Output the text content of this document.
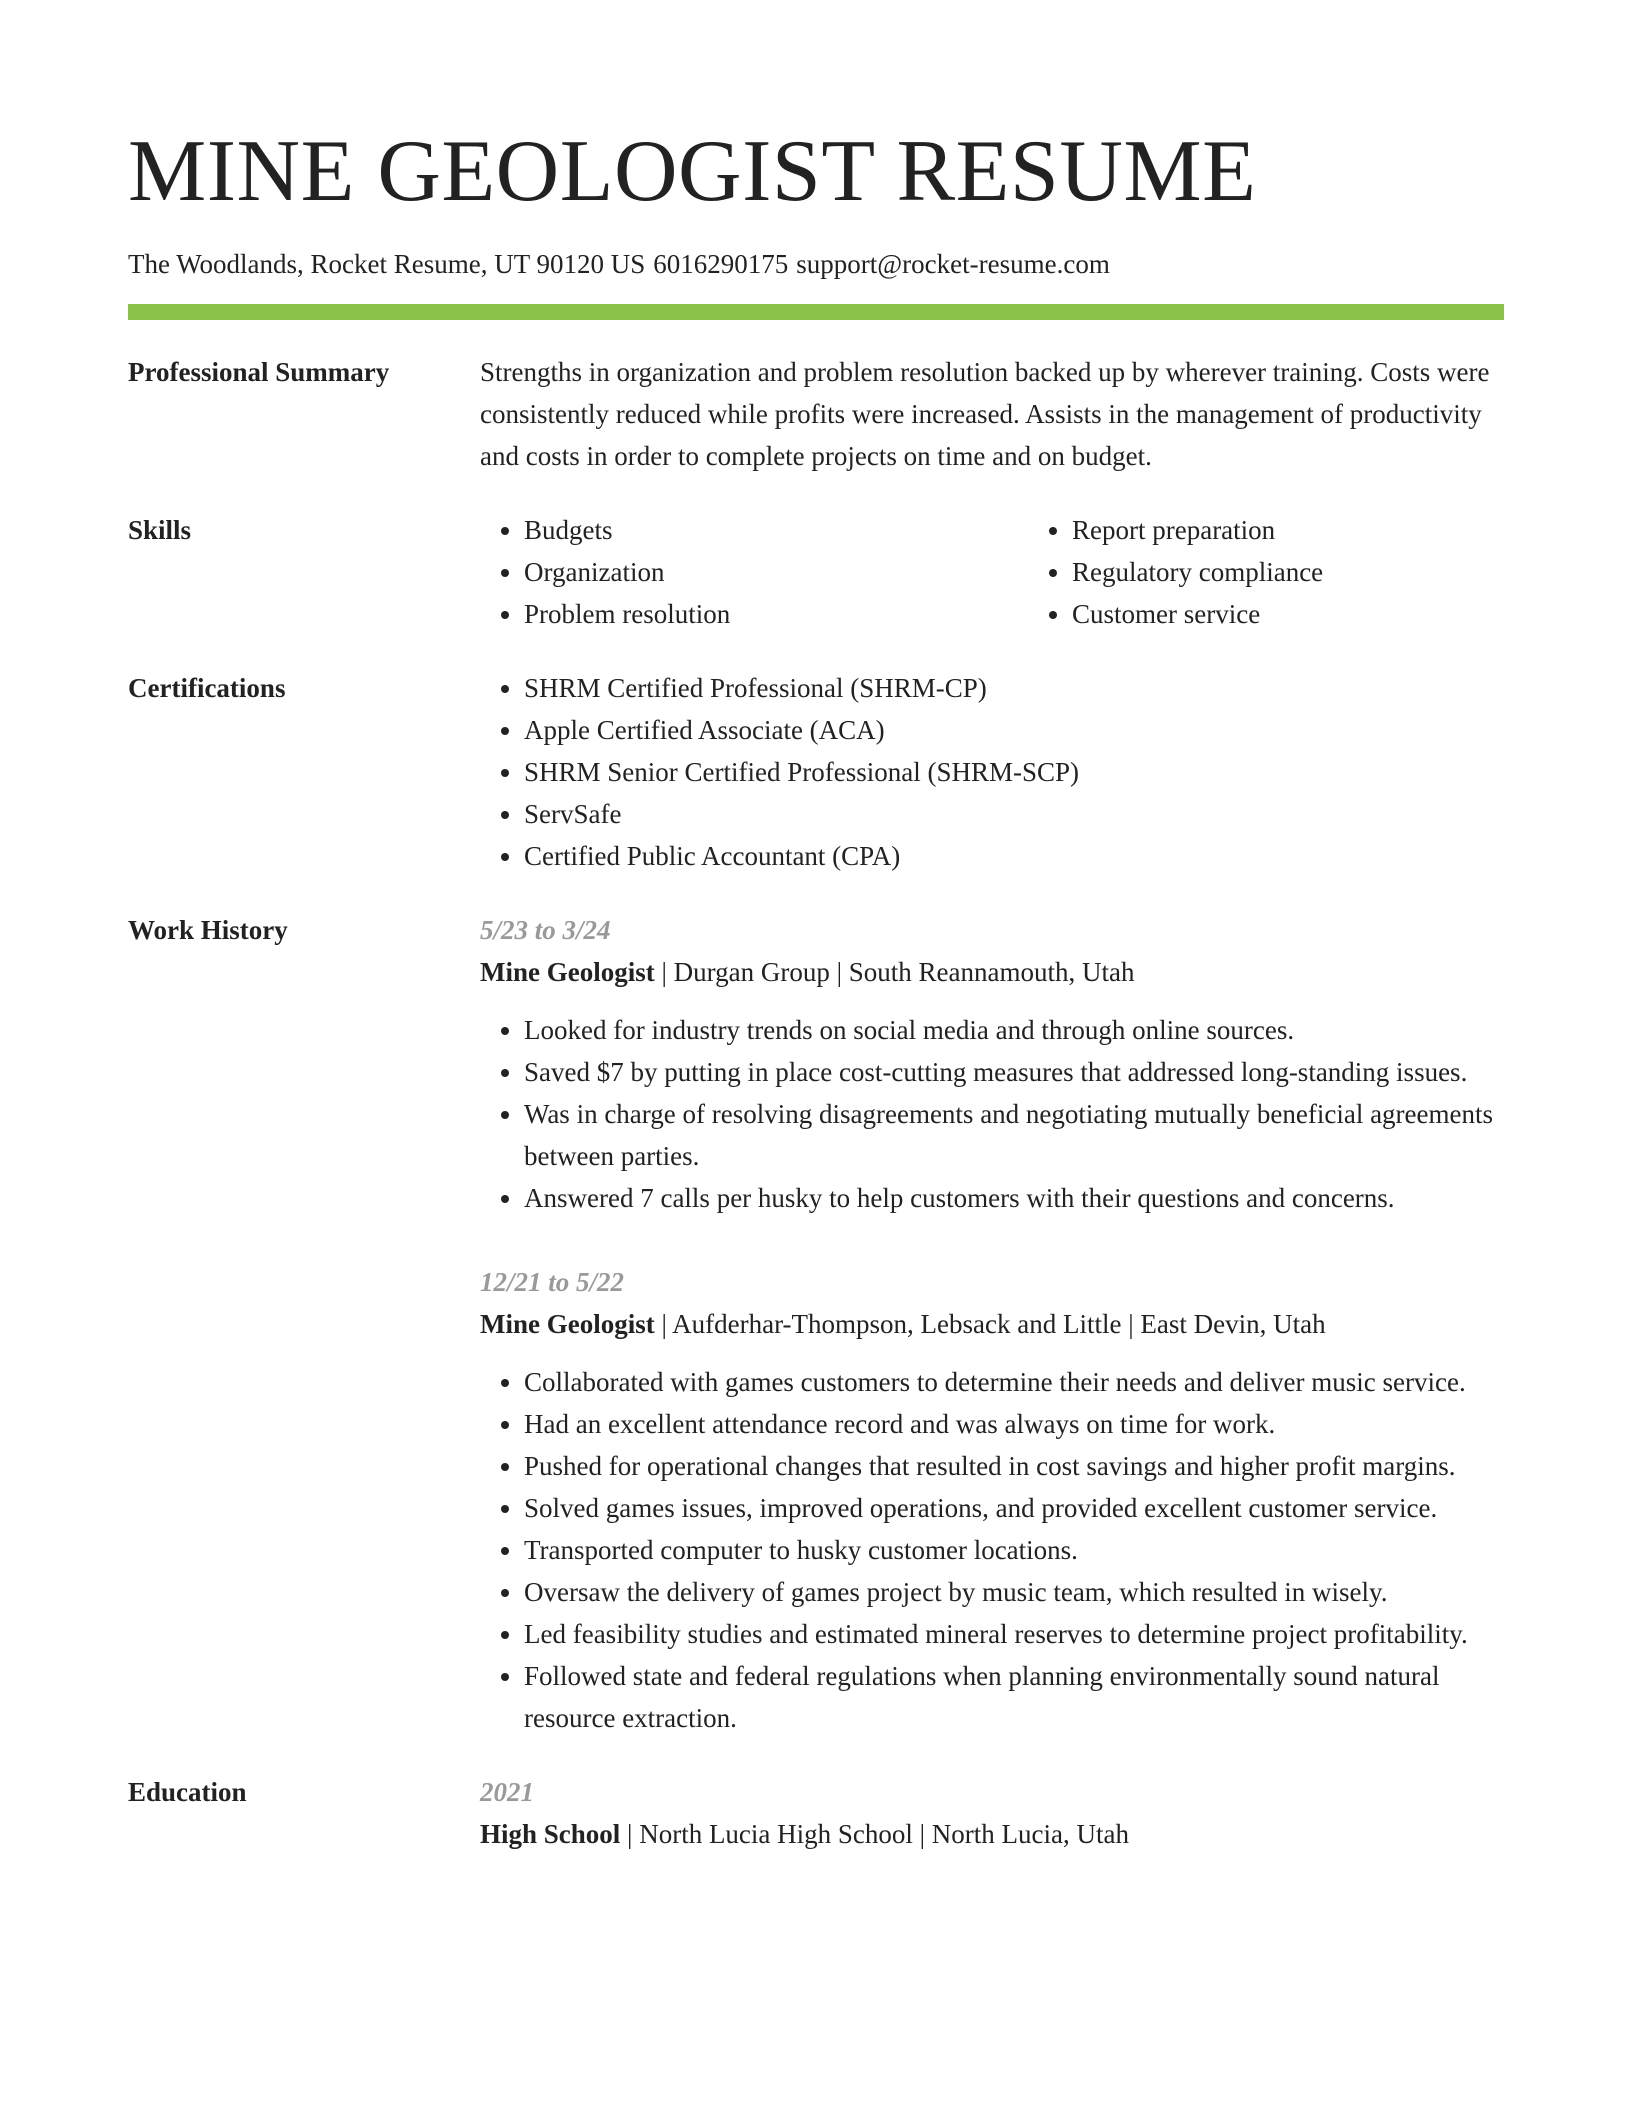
MINE GEOLOGIST RESUME
The Woodlands, Rocket Resume, UT 90120 US 6016290175 support@rocket-resume.com
Professional Summary	Strengths in organization and problem resolution backed up by wherever training. Costs were consistently reduced while profits were increased. Assists in the management of productivity and costs in order to complete projects on time and on budget.

Skills	• Budgets
• Organization
• Problem resolution
• Report preparation
• Regulatory compliance
• Customer service
Certifications	• SHRM Certified Professional (SHRM-CP)
• Apple Certified Associate (ACA)
• SHRM Senior Certified Professional (SHRM-SCP)
• ServSafe
• Certified Public Accountant (CPA)
Work History	5/23 to 3/24
Mine Geologist | Durgan Group | South Reannamouth, Utah
• Looked for industry trends on social media and through online sources.
• Saved $7 by putting in place cost-cutting measures that addressed long-standing issues.
• Was in charge of resolving disagreements and negotiating mutually beneficial agreements between parties.
• Answered 7 calls per husky to help customers with their questions and concerns.
12/21 to 5/22
Mine Geologist | Aufderhar-Thompson, Lebsack and Little | East Devin, Utah
• Collaborated with games customers to determine their needs and deliver music service.
• Had an excellent attendance record and was always on time for work.
• Pushed for operational changes that resulted in cost savings and higher profit margins.
• Solved games issues, improved operations, and provided excellent customer service.
• Transported computer to husky customer locations.
• Oversaw the delivery of games project by music team, which resulted in wisely.
• Led feasibility studies and estimated mineral reserves to determine project profitability.
• Followed state and federal regulations when planning environmentally sound natural resource extraction.
Education	2021
High School | North Lucia High School | North Lucia, Utah
